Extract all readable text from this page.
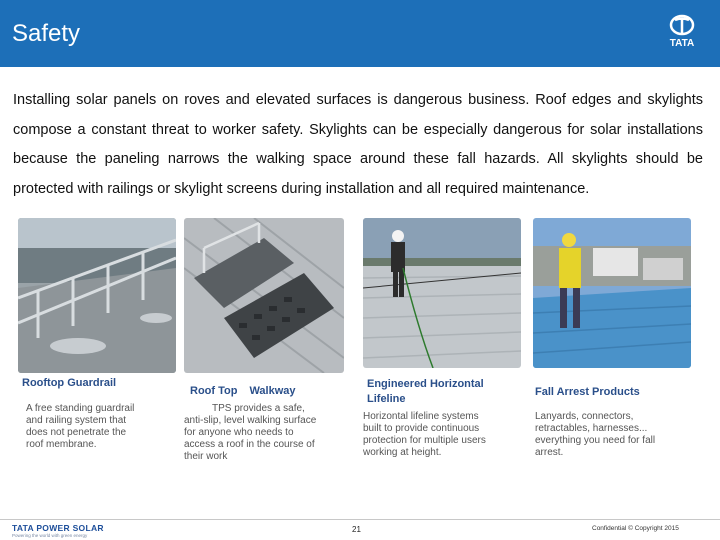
Safety	TATA
Installing solar panels on roves and elevated surfaces is dangerous business. Roof edges and skylights compose a constant threat to worker safety. Skylights can be especially dangerous for solar installations because the paneling narrows the walking space around these fall hazards. All skylights should be protected with railings or skylight screens during installation and all required maintenance.
Rooftop Guardrail
A free standing guardrail
and railing system that
does not penetrate the
roof membrane.
Roof Top Walkway
TPS provides a safe,
anti-slip, level walking surface
for anyone who needs to
access a roof in the course of
their work
Engineered Horizontal
Lifeline
Horizontal lifeline systems
built to provide continuous
protection for multiple users
working at height.
Fall Arrest Products
Lanyards, connectors,
retractables, harnesses...
everything you need for fall
arrest.
TATA POWER SOLAR
Powering the world with green energy
21	Confidential © Copyright 2015
